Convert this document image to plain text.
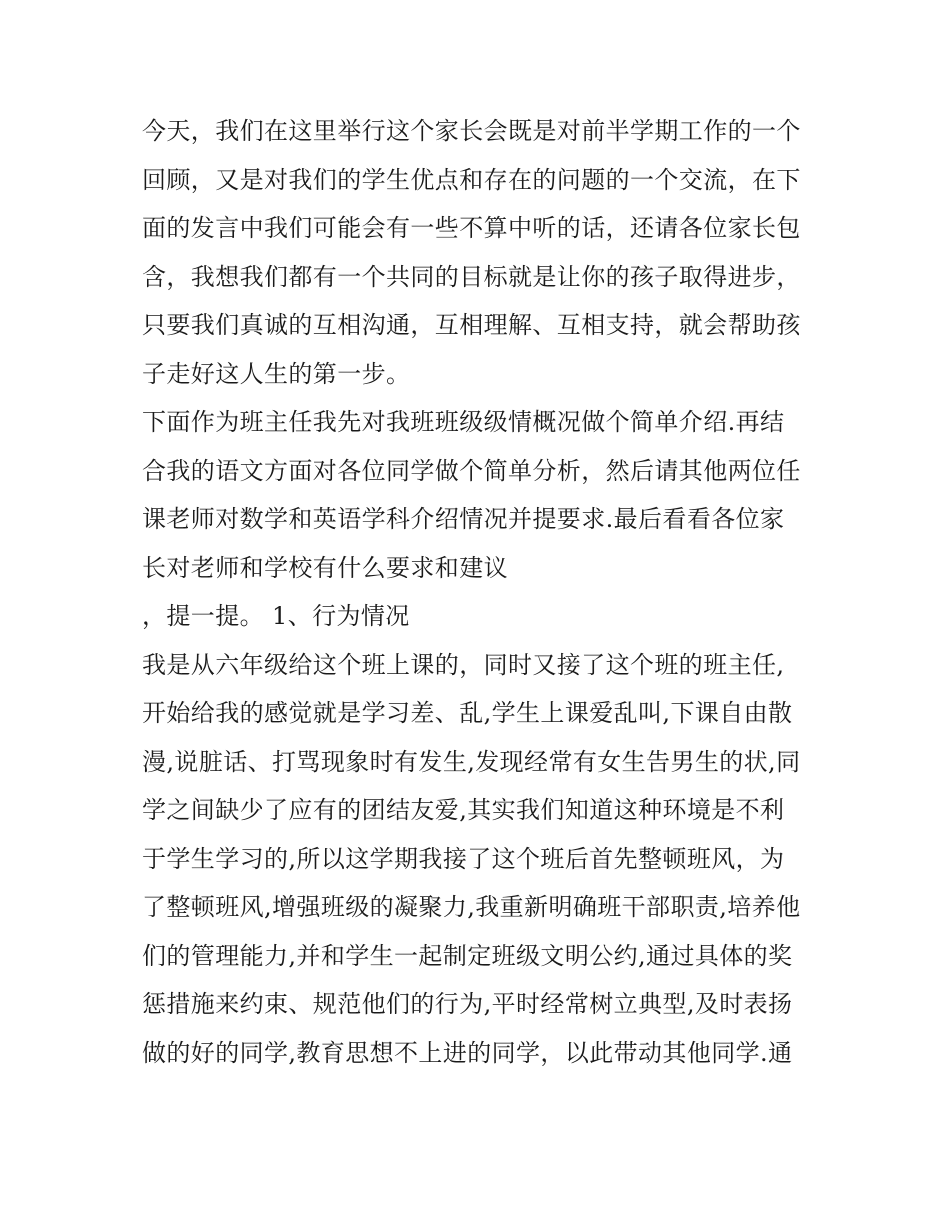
今天，我们在这里举行这个家长会既是对前半学期工作的一个
回顾，又是对我们的学生优点和存在的问题的一个交流，在下
面的发言中我们可能会有一些不算中听的话，还请各位家长包
含，我想我们都有一个共同的目标就是让你的孩子取得进步，
只要我们真诚的互相沟通，互相理解、互相支持，就会帮助孩
子走好这人生的第一步。
下面作为班主任我先对我班班级级情概况做个简单介绍.再结
合我的语文方面对各位同学做个简单分析，然后请其他两位任
课老师对数学和英语学科介绍情况并提要求.最后看看各位家
长对老师和学校有什么要求和建议
，提一提。 1、行为情况
我是从六年级给这个班上课的，同时又接了这个班的班主任,
开始给我的感觉就是学习差、乱,学生上课爱乱叫,下课自由散
漫,说脏话、打骂现象时有发生,发现经常有女生告男生的状,同
学之间缺少了应有的团结友爱,其实我们知道这种环境是不利
于学生学习的,所以这学期我接了这个班后首先整顿班风，为
了整顿班风,增强班级的凝聚力,我重新明确班干部职责,培养他
们的管理能力,并和学生一起制定班级文明公约,通过具体的奖
惩措施来约束、规范他们的行为,平时经常树立典型,及时表扬
做的好的同学,教育思想不上进的同学，以此带动其他同学.通
